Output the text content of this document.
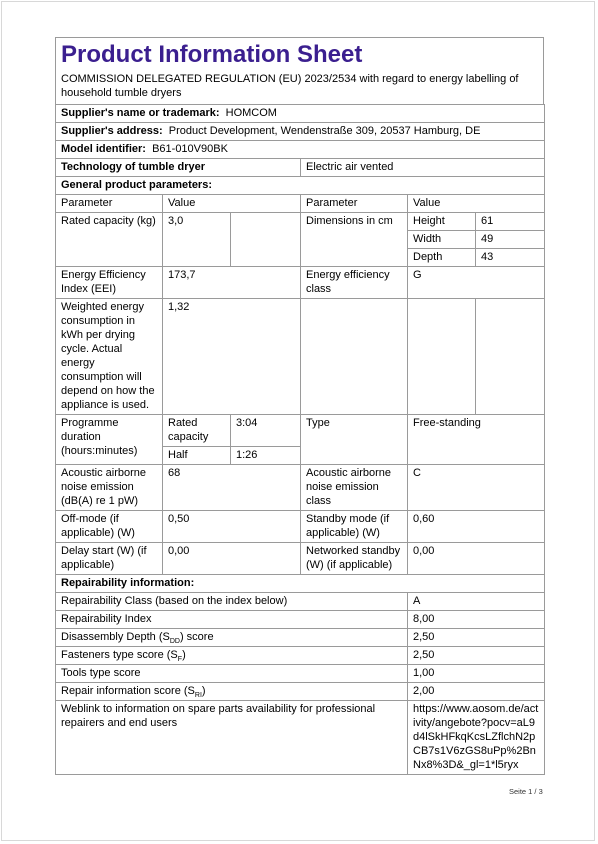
Product Information Sheet
COMMISSION DELEGATED REGULATION (EU) 2023/2534 with regard to energy labelling of household tumble dryers
Supplier's name or trademark: HOMCOM					
Supplier's address: Product Development, Wendenstraße 309, 20537 Hamburg, DE					
Model identifier: B61-010V90BK					
Technology of tumble dryer			Electric air vented		
General product parameters:					
Parameter	Value		Parameter	Value	
Rated capacity (kg)	3,0		Dimensions in cm	Height	61
				Width	49
				Depth	43
Energy Efficiency Index (EEI)	173,7		Energy efficiency class	G	
Weighted energy consumption in kWh per drying cycle. Actual energy consumption will depend on how the appliance is used.	1,32				
Programme duration (hours:minutes)	Rated capacity	3:04	Type	Free-standing	
	Half	1:26			
Acoustic airborne noise emission (dB(A) re 1 pW)	68		Acoustic airborne noise emission class	C	
Off-mode (if applicable) (W)	0,50		Standby mode (if applicable) (W)	0,60	
Delay start (W) (if applicable)	0,00		Networked standby (W) (if applicable)	0,00	
Repairability information:					
Repairability Class (based on the index below)				A	
Repairability Index				8,00	
Disassembly Depth $(S_{DD})$ score				2,50	
Fasteners type score $(S_F)$				2,50	
Tools type score				1,00	
Repair information score $(S_{RI})$				2,00	
Weblink to information on spare parts availability for professional repairers and end users				https://www.aosom.de/activity/angebote?pocv=aL9d4lSkHFkqKcsLZflchN2pCB7s1V6zGS8uPp%2BnNx8%3D&_gl=1*l5ryx	
Seite 1 / 3
